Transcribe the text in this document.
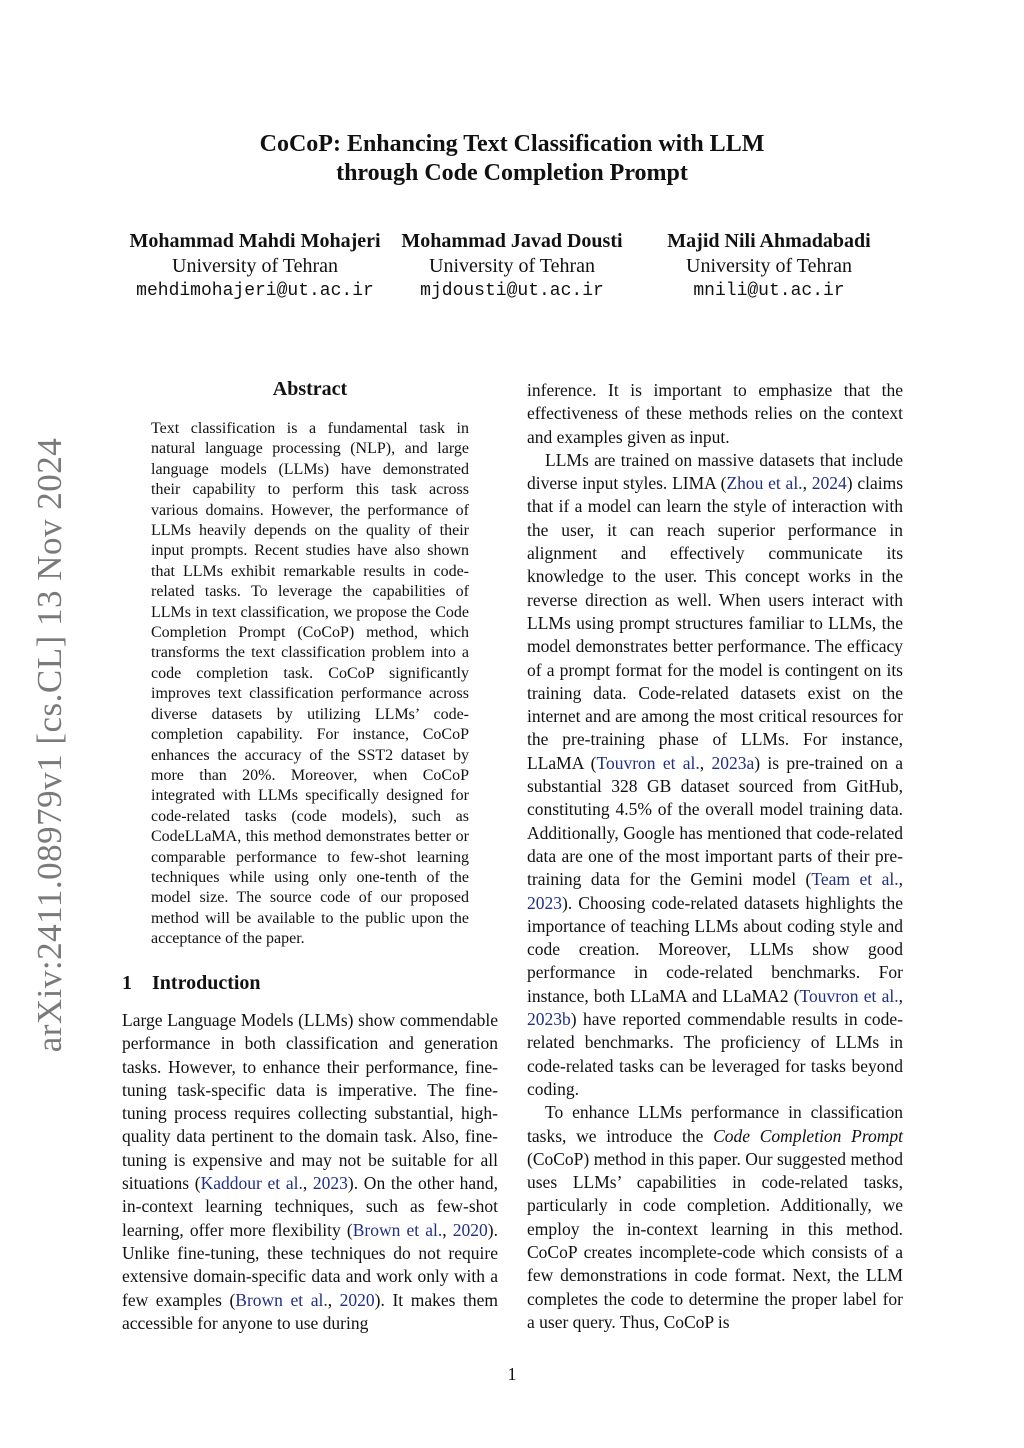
arXiv:2411.08979v1 [cs.CL] 13 Nov 2024
CoCoP: Enhancing Text Classification with LLM
through Code Completion Prompt
Mohammad Mahdi Mohajeri
University of Tehran
mehdimohajeri@ut.ac.ir
Mohammad Javad Dousti
University of Tehran
mjdousti@ut.ac.ir
Majid Nili Ahmadabadi
University of Tehran
mnili@ut.ac.ir
Abstract
Text classification is a fundamental task in natural language processing (NLP), and large language models (LLMs) have demonstrated their capability to perform this task across various domains. However, the performance of LLMs heavily depends on the quality of their input prompts. Recent studies have also shown that LLMs exhibit remarkable results in code-related tasks. To leverage the capabilities of LLMs in text classification, we propose the Code Completion Prompt (CoCoP) method, which transforms the text classification problem into a code completion task. CoCoP significantly improves text classification performance across diverse datasets by utilizing LLMs’ code-completion capability. For instance, CoCoP enhances the accuracy of the SST2 dataset by more than 20%. Moreover, when CoCoP integrated with LLMs specifically designed for code-related tasks (code models), such as CodeLLaMA, this method demonstrates better or comparable performance to few-shot learning techniques while using only one-tenth of the model size. The source code of our proposed method will be available to the public upon the acceptance of the paper.
1 Introduction
Large Language Models (LLMs) show commendable performance in both classification and generation tasks. However, to enhance their performance, fine-tuning task-specific data is imperative. The fine-tuning process requires collecting substantial, high-quality data pertinent to the domain task. Also, fine-tuning is expensive and may not be suitable for all situations (Kaddour et al., 2023). On the other hand, in-context learning techniques, such as few-shot learning, offer more flexibility (Brown et al., 2020). Unlike fine-tuning, these techniques do not require extensive domain-specific data and work only with a few examples (Brown et al., 2020). It makes them accessible for anyone to use during

inference. It is important to emphasize that the effectiveness of these methods relies on the context and examples given as input.

LLMs are trained on massive datasets that include diverse input styles. LIMA (Zhou et al., 2024) claims that if a model can learn the style of interaction with the user, it can reach superior performance in alignment and effectively communicate its knowledge to the user. This concept works in the reverse direction as well. When users interact with LLMs using prompt structures familiar to LLMs, the model demonstrates better performance. The efficacy of a prompt format for the model is contingent on its training data. Code-related datasets exist on the internet and are among the most critical resources for the pre-training phase of LLMs. For instance, LLaMA (Touvron et al., 2023a) is pre-trained on a substantial 328 GB dataset sourced from GitHub, constituting 4.5% of the overall model training data. Additionally, Google has mentioned that code-related data are one of the most important parts of their pre-training data for the Gemini model (Team et al., 2023). Choosing code-related datasets highlights the importance of teaching LLMs about coding style and code creation. Moreover, LLMs show good performance in code-related benchmarks. For instance, both LLaMA and LLaMA2 (Touvron et al., 2023b) have reported commendable results in code-related benchmarks. The proficiency of LLMs in code-related tasks can be leveraged for tasks beyond coding.

To enhance LLMs performance in classification tasks, we introduce the Code Completion Prompt (CoCoP) method in this paper. Our suggested method uses LLMs’ capabilities in code-related tasks, particularly in code completion. Additionally, we employ the in-context learning in this method. CoCoP creates incomplete-code which consists of a few demonstrations in code format. Next, the LLM completes the code to determine the proper label for a user query. Thus, CoCoP is

1
